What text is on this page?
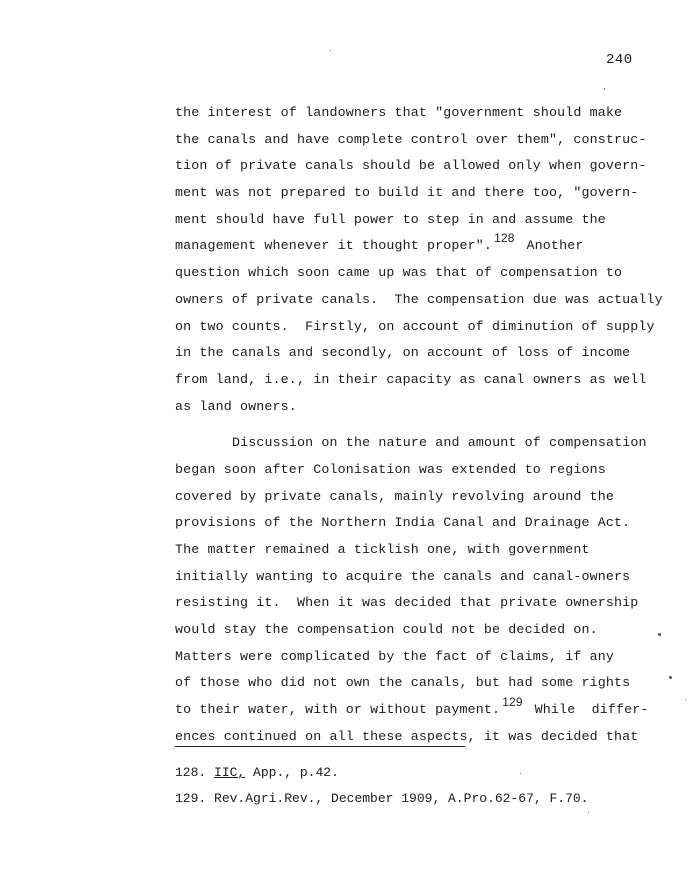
240
the interest of landowners that "government should make
the canals and have complete control over them", construc-
tion of private canals should be allowed only when govern-
ment was not prepared to build it and there too, "govern-
ment should have full power to step in and assume the
management whenever it thought proper". $^{128}$ Another
question which soon came up was that of compensation to
owners of private canals.  The compensation due was actually
on two counts.  Firstly, on account of diminution of supply
in the canals and secondly, on account of loss of income
from land, i.e., in their capacity as canal owners as well
as land owners.
Discussion on the nature and amount of compensation
began soon after Colonisation was extended to regions
covered by private canals, mainly revolving around the
provisions of the Northern India Canal and Drainage Act.
The matter remained a ticklish one, with government
initially wanting to acquire the canals and canal-owners
resisting it.  When it was decided that private ownership
would stay the compensation could not be decided on.
Matters were complicated by the fact of claims, if any
of those who did not own the canals, but had some rights
to their water, with or without payment. $^{129}$ While  differ-
ences continued on all these aspects, it was decided that
128. IIC, App., p.42.
129. Rev.Agri.Rev., December 1909, A.Pro.62-67, F.70.
